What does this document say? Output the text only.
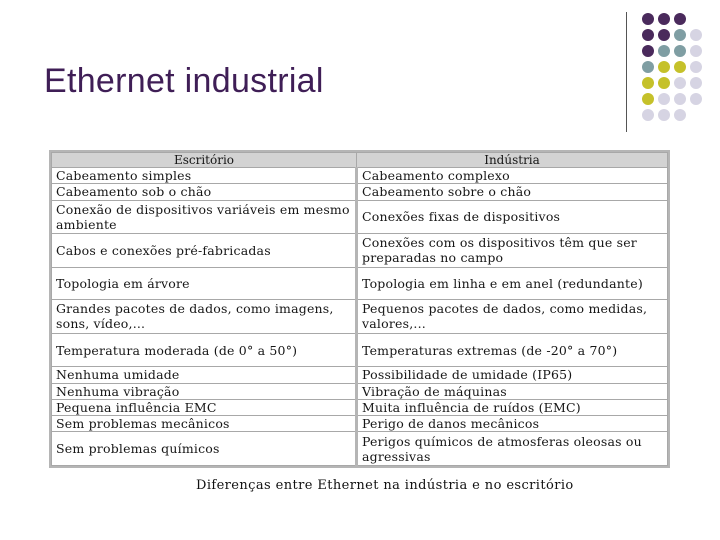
Ethernet industrial
Escritório	Indústria
Cabeamento simples	Cabeamento complexo
Cabeamento sob o chão	Cabeamento sobre o chão
Conexão de dispositivos variáveis em mesmo ambiente	Conexões fixas de dispositivos
Cabos e conexões pré-fabricadas	Conexões com os dispositivos têm que ser preparadas no campo
Topologia em árvore	Topologia em linha e em anel (redundante)
Grandes pacotes de dados, como imagens, sons, vídeo,...	Pequenos pacotes de dados, como medidas, valores,...
Temperatura moderada (de 0° a 50°)	Temperaturas extremas (de -20° a 70°)
Nenhuma umidade	Possibilidade de umidade (IP65)
Nenhuma vibração	Vibração de máquinas
Pequena influência EMC	Muita influência de ruídos (EMC)
Sem problemas mecânicos	Perigo de danos mecânicos
Sem problemas químicos	Perigos químicos de atmosferas oleosas ou agressivas
Diferenças entre Ethernet na indústria e no escritório
